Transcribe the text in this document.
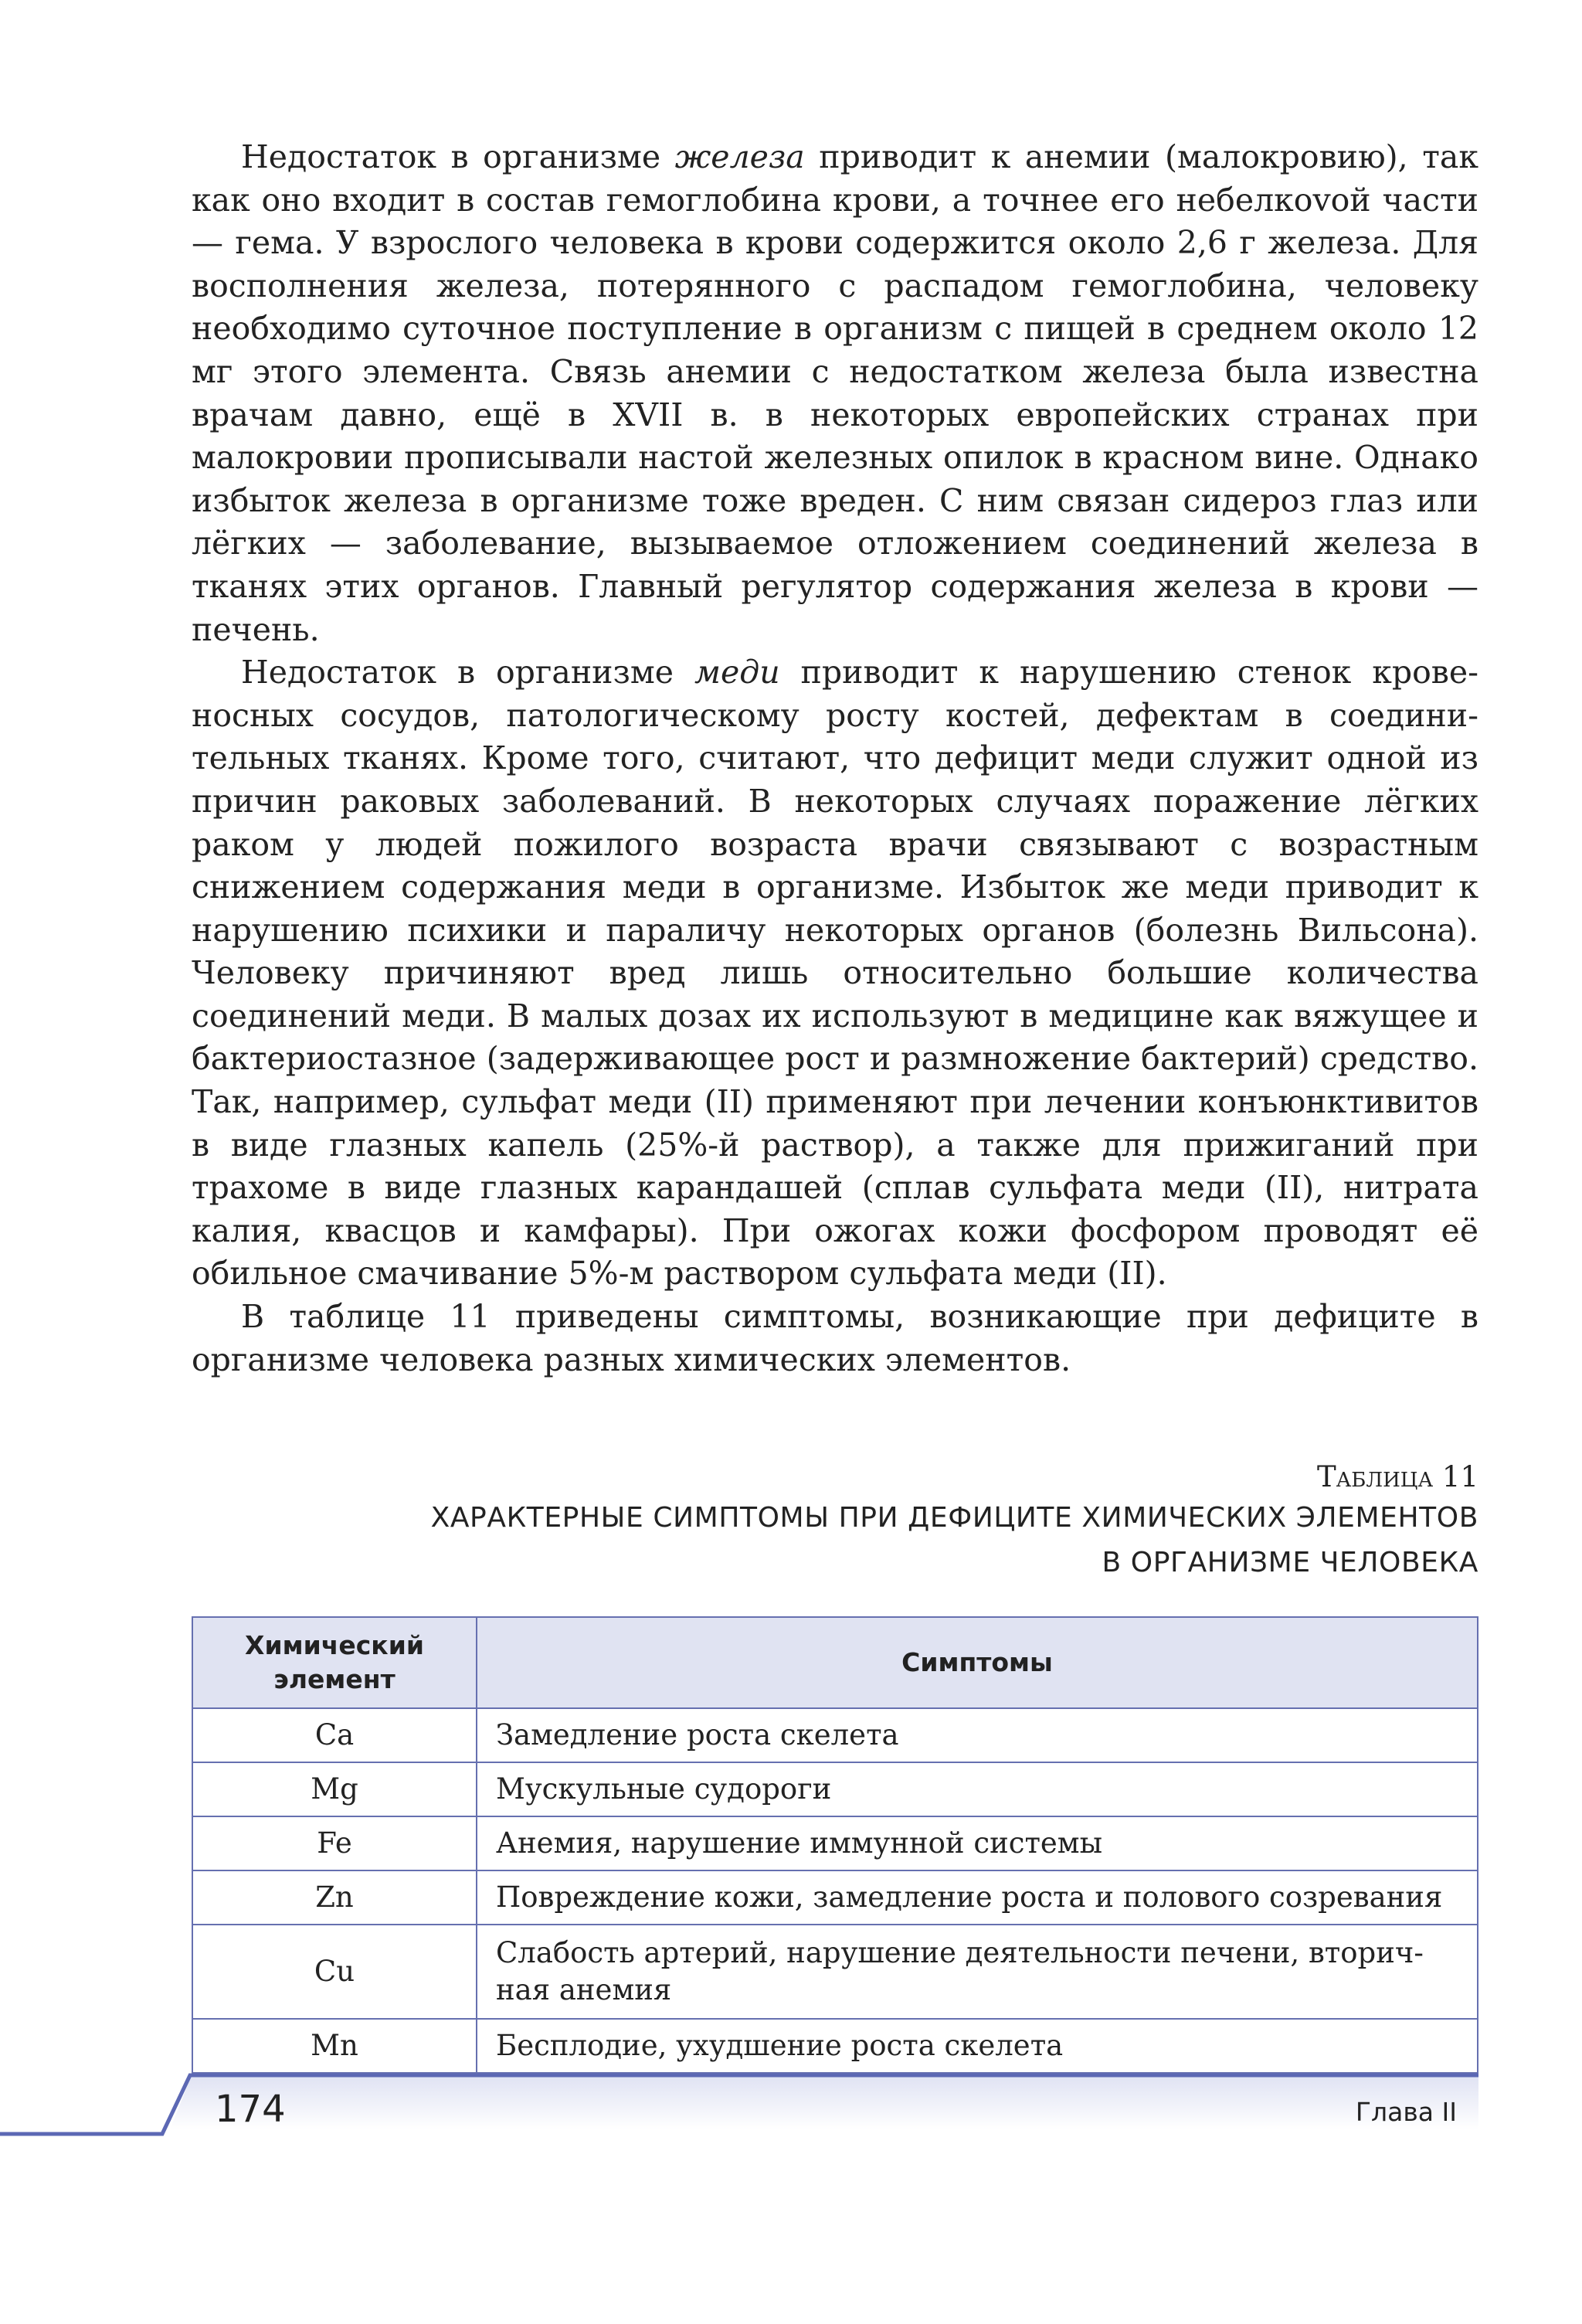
Недостаток в организме железа приводит к анемии (малокровию), так как оно входит в состав гемоглобина крови, а точнее его небелкоvой части — гема. У взрослого человека в крови содержится около 2,6 г железа. Для восполнения железа, потерянного с распадом гемоглобина, человеку необходимо суточное поступление в организм с пищей в среднем около 12 мг этого элемента. Связь анемии с недостатком железа была известна врачам давно, ещё в XVII в. в некоторых европейских странах при малокровии прописывали настой железных опилок в красном вине. Однако избыток железа в организме тоже вреден. С ним связан сидероз глаз или лёгких — заболевание, вызываемое отложением соединений железа в тканях этих органов. Главный регулятор содержания железа в крови — печень.

Недостаток в организме меди приводит к нарушению стенок кровеносных сосудов, патологическому росту костей, дефектам в соединительных тканях. Кроме того, считают, что дефицит меди служит одной из причин раковых заболеваний. В некоторых случаях поражение лёгких раком у людей пожилого возраста врачи связывают с возрастным снижением содержания меди в организме. Избыток же меди приводит к нарушению психики и параличу некоторых органов (болезнь Вильсона). Человеку причиняют вред лишь относительно большие количества соединений меди. В малых дозах их используют в медицине как вяжущее и бактериостазное (задерживающее рост и размножение бактерий) средство. Так, например, сульфат меди (II) применяют при лечении конъюнктивитов в виде глазных капель (25%-й раствор), а также для прижиганий при трахоме в виде глазных карандашей (сплав сульфата меди (II), нитрата калия, квасцов и камфары). При ожогах кожи фосфором проводят её обильное смачивание 5%-м раствором сульфата меди (II).

В таблице 11 приведены симптомы, возникающие при дефиците в организме человека разных химических элементов.

Таблица 11
ХАРАКТЕРНЫЕ СИМПТОМЫ ПРИ ДЕФИЦИТЕ ХИМИЧЕСКИХ ЭЛЕМЕНТОВ
В ОРГАНИЗМЕ ЧЕЛОВЕКА
Химический элемент	Симптомы
Ca	Замедление роста скелета
Mg	Мускульные судороги
Fe	Анемия, нарушение иммунной системы
Zn	Повреждение кожи, замедление роста и полового созревания
Cu	Слабость артерий, нарушение деятельности печени, вторичная анемия
Mn	Бесплодие, ухудшение роста скелета
174	Глава II
